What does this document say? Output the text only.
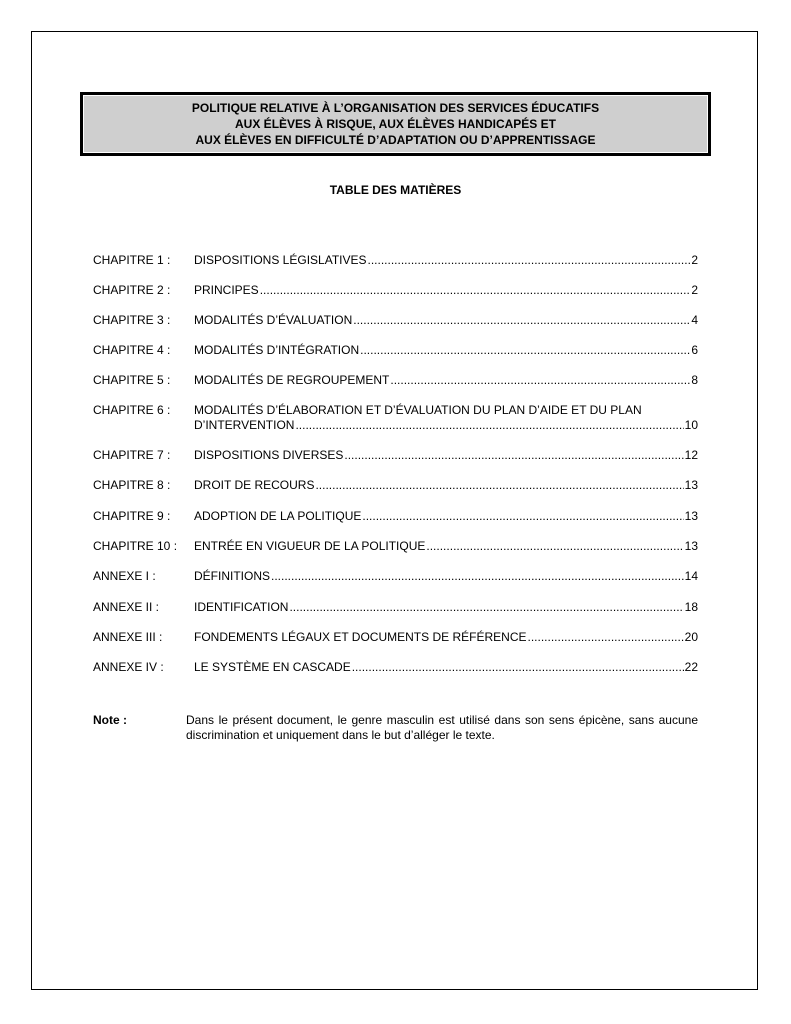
POLITIQUE RELATIVE À L’ORGANISATION DES SERVICES ÉDUCATIFS
AUX ÉLÈVES À RISQUE, AUX ÉLÈVES HANDICAPÉS ET
AUX ÉLÈVES EN DIFFICULTÉ D’ADAPTATION OU D’APPRENTISSAGE
TABLE DES MATIÈRES
CHAPITRE 1 : DISPOSITIONS LÉGISLATIVES .....	2
CHAPITRE 2 : PRINCIPES .....	2
CHAPITRE 3 : MODALITÉS D’ÉVALUATION .....	4
CHAPITRE 4 : MODALITÉS D’INTÉGRATION .....	6
CHAPITRE 5 : MODALITÉS DE REGROUPEMENT .....	8
CHAPITRE 6 : MODALITÉS D’ÉLABORATION ET D’ÉVALUATION DU PLAN D’AIDE ET DU PLAN
D’INTERVENTION .....	10
CHAPITRE 7 : DISPOSITIONS DIVERSES .....	12
CHAPITRE 8 : DROIT DE RECOURS .....	13
CHAPITRE 9 : ADOPTION DE LA POLITIQUE .....	13
CHAPITRE 10 : ENTRÉE EN VIGUEUR DE LA POLITIQUE .....	13
ANNEXE I :	DÉFINITIONS .....	14
ANNEXE II :	IDENTIFICATION .....	18
ANNEXE III :	FONDEMENTS LÉGAUX ET DOCUMENTS DE RÉFÉRENCE .....	20
ANNEXE IV :	LE SYSTÈME EN CASCADE .....	22
Note :	Dans le présent document, le genre masculin est utilisé dans son sens épicène, sans aucune discrimination et uniquement dans le but d’alléger le texte.
